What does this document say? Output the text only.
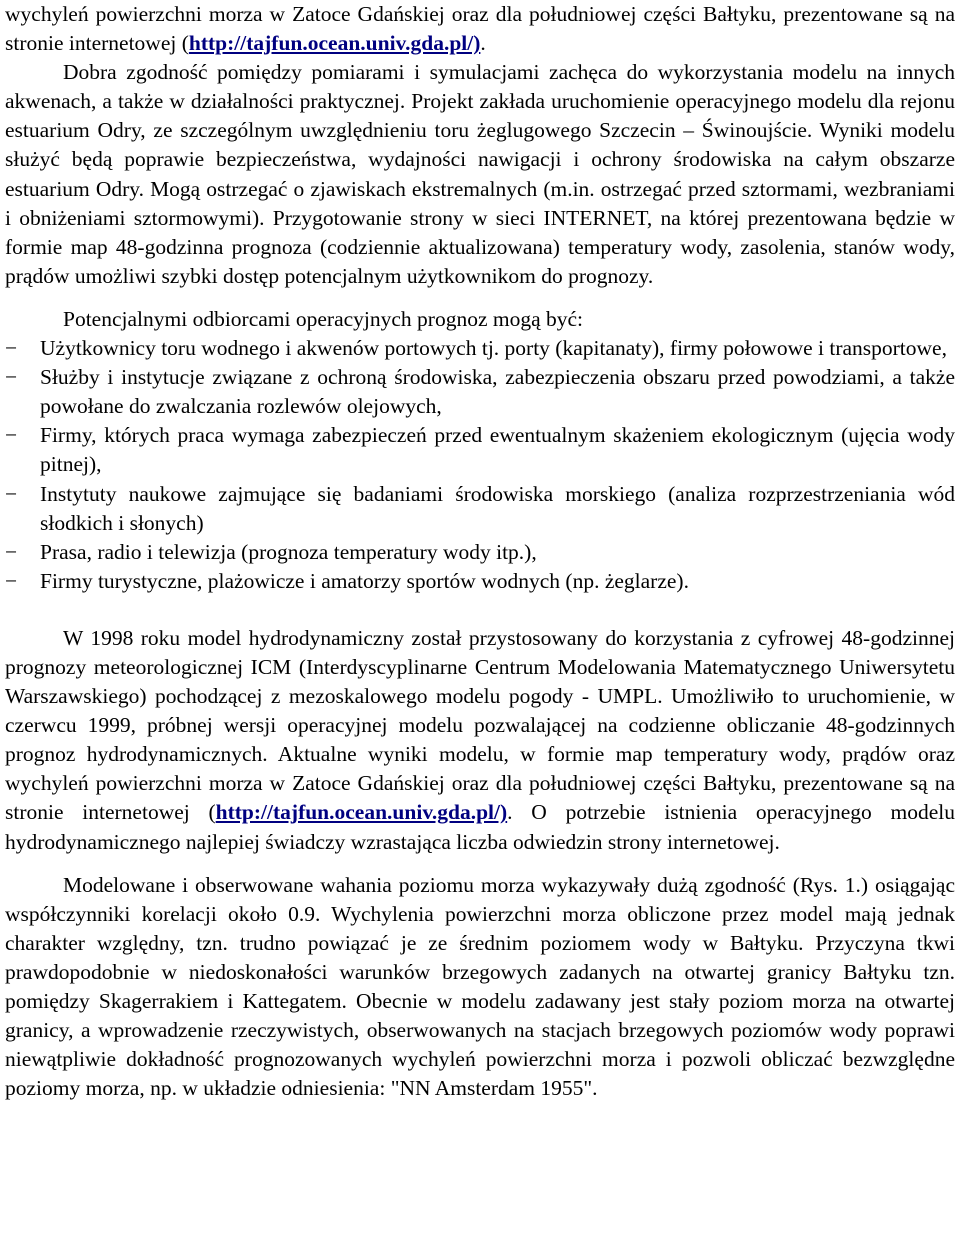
wychyleń powierzchni morza w Zatoce Gdańskiej oraz dla południowej części Bałtyku, prezentowane są na stronie internetowej (http://tajfun.ocean.univ.gda.pl/).

Dobra zgodność pomiędzy pomiarami i symulacjami zachęca do wykorzystania modelu na innych akwenach, a także w działalności praktycznej. Projekt zakłada uruchomienie operacyjnego modelu dla rejonu estuarium Odry, ze szczególnym uwzględnieniu toru żeglugowego Szczecin – Świnoujście. Wyniki modelu służyć będą poprawie bezpieczeństwa, wydajności nawigacji i ochrony środowiska na całym obszarze estuarium Odry. Mogą ostrzegać o zjawiskach ekstremalnych (m.in. ostrzegać przed sztormami, wezbraniami i obniżeniami sztormowymi). Przygotowanie strony w sieci INTERNET, na której prezentowana będzie w formie map 48-godzinna prognoza (codziennie aktualizowana) temperatury wody, zasolenia, stanów wody, prądów umożliwi szybki dostęp potencjalnym użytkownikom do prognozy.

Potencjalnymi odbiorcami operacyjnych prognoz mogą być:

−	Użytkownicy toru wodnego i akwenów portowych tj. porty (kapitanaty), firmy połowowe i transportowe,
−	Służby i instytucje związane z ochroną środowiska, zabezpieczenia obszaru przed powodziami, a także powołane do zwalczania rozlewów olejowych,
−	Firmy, których praca wymaga zabezpieczeń przed ewentualnym skażeniem ekologicznym (ujęcia wody pitnej),
−	Instytuty naukowe zajmujące się badaniami środowiska morskiego (analiza rozprzestrzeniania wód słodkich i słonych)
−	Prasa, radio i telewizja (prognoza temperatury wody itp.),
−	Firmy turystyczne, plażowicze i amatorzy sportów wodnych (np. żeglarze).

W 1998 roku model hydrodynamiczny został przystosowany do korzystania z cyfrowej 48-godzinnej prognozy meteorologicznej ICM (Interdyscyplinarne Centrum Modelowania Matematycznego Uniwersytetu Warszawskiego) pochodzącej z mezoskalowego modelu pogody - UMPL. Umożliwiło to uruchomienie, w czerwcu 1999, próbnej wersji operacyjnej modelu pozwalającej na codzienne obliczanie 48-godzinnych prognoz hydrodynamicznych. Aktualne wyniki modelu, w formie map temperatury wody, prądów oraz wychyleń powierzchni morza w Zatoce Gdańskiej oraz dla południowej części Bałtyku, prezentowane są na stronie internetowej (http://tajfun.ocean.univ.gda.pl/). O potrzebie istnienia operacyjnego modelu hydrodynamicznego najlepiej świadczy wzrastająca liczba odwiedzin strony internetowej.

Modelowane i obserwowane wahania poziomu morza wykazywały dużą zgodność (Rys. 1.) osiągając współczynniki korelacji około 0.9. Wychylenia powierzchni morza obliczone przez model mają jednak charakter względny, tzn. trudno powiązać je ze średnim poziomem wody w Bałtyku. Przyczyna tkwi prawdopodobnie w niedoskonałości warunków brzegowych zadanych na otwartej granicy Bałtyku tzn. pomiędzy Skagerrakiem i Kattegatem. Obecnie w modelu zadawany jest stały poziom morza na otwartej granicy, a wprowadzenie rzeczywistych, obserwowanych na stacjach brzegowych poziomów wody poprawi niewątpliwie dokładność prognozowanych wychyleń powierzchni morza i pozwoli obliczać bezwzględne poziomy morza, np. w układzie odniesienia: "NN Amsterdam 1955".
